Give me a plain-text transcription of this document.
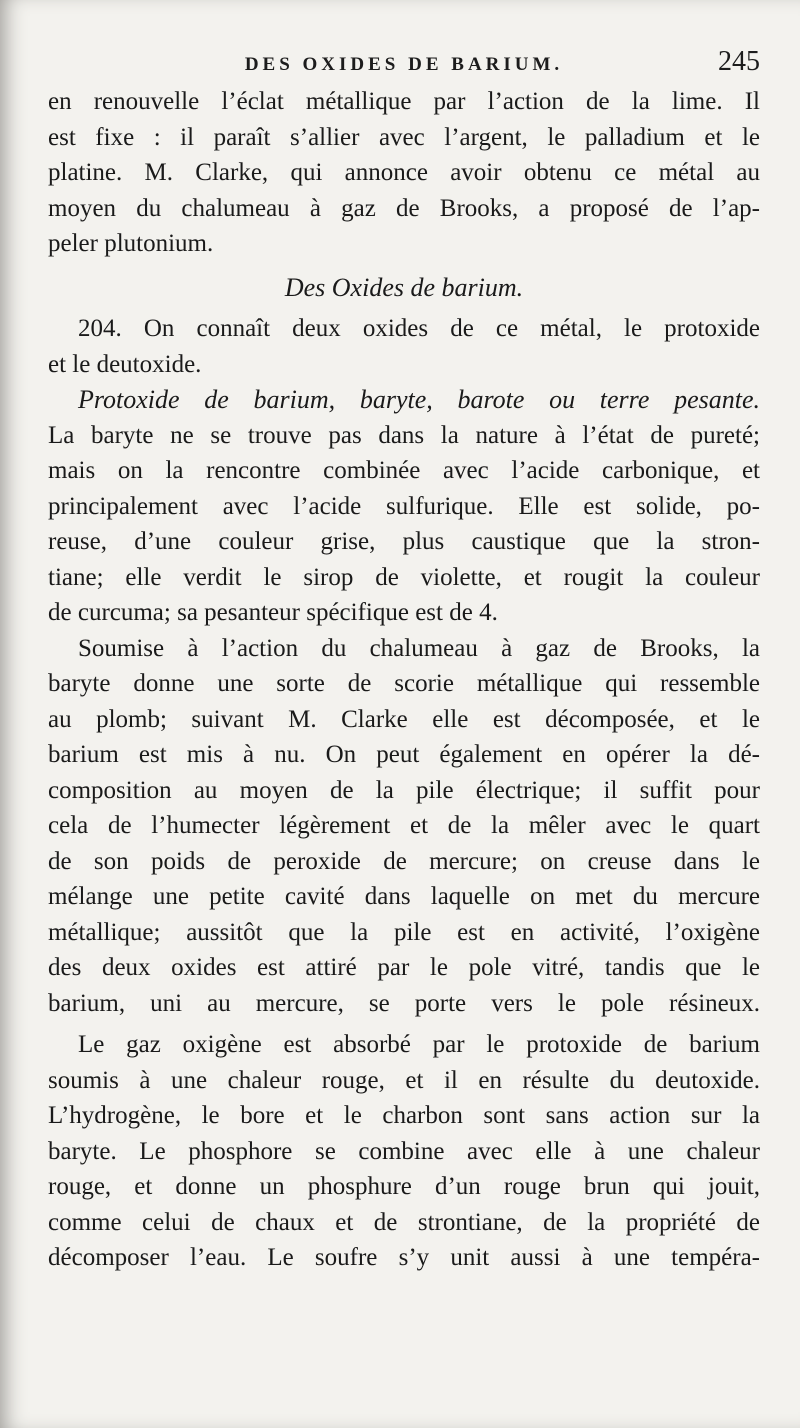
DES OXIDES DE BARIUM.	245
en renouvelle l’éclat métallique par l’action de la lime. Il
est fixe : il paraît s’allier avec l’argent, le palladium et le
platine. M. Clarke, qui annonce avoir obtenu ce métal au
moyen du chalumeau à gaz de Brooks, a proposé de l’ap-
peler plutonium.
Des Oxides de barium.
204. On connaît deux oxides de ce métal, le protoxide
et le deutoxide.
Protoxide de barium, baryte, barote ou terre pesante.
La baryte ne se trouve pas dans la nature à l’état de pureté;
mais on la rencontre combinée avec l’acide carbonique, et
principalement avec l’acide sulfurique. Elle est solide, po-
reuse, d’une couleur grise, plus caustique que la stron-
tiane; elle verdit le sirop de violette, et rougit la couleur
de curcuma; sa pesanteur spécifique est de 4.
Soumise à l’action du chalumeau à gaz de Brooks, la
baryte donne une sorte de scorie métallique qui ressemble
au plomb; suivant M. Clarke elle est décomposée, et le
barium est mis à nu. On peut également en opérer la dé-
composition au moyen de la pile électrique; il suffit pour
cela de l’humecter légèrement et de la mêler avec le quart
de son poids de peroxide de mercure; on creuse dans le
mélange une petite cavité dans laquelle on met du mercure
métallique; aussitôt que la pile est en activité, l’oxigène
des deux oxides est attiré par le pole vitré, tandis que le
barium, uni au mercure, se porte vers le pole résineux.
Le gaz oxigène est absorbé par le protoxide de barium
soumis à une chaleur rouge, et il en résulte du deutoxide.
L’hydrogène, le bore et le charbon sont sans action sur la
baryte. Le phosphore se combine avec elle à une chaleur
rouge, et donne un phosphure d’un rouge brun qui jouit,
comme celui de chaux et de strontiane, de la propriété de
décomposer l’eau. Le soufre s’y unit aussi à une tempéra-
